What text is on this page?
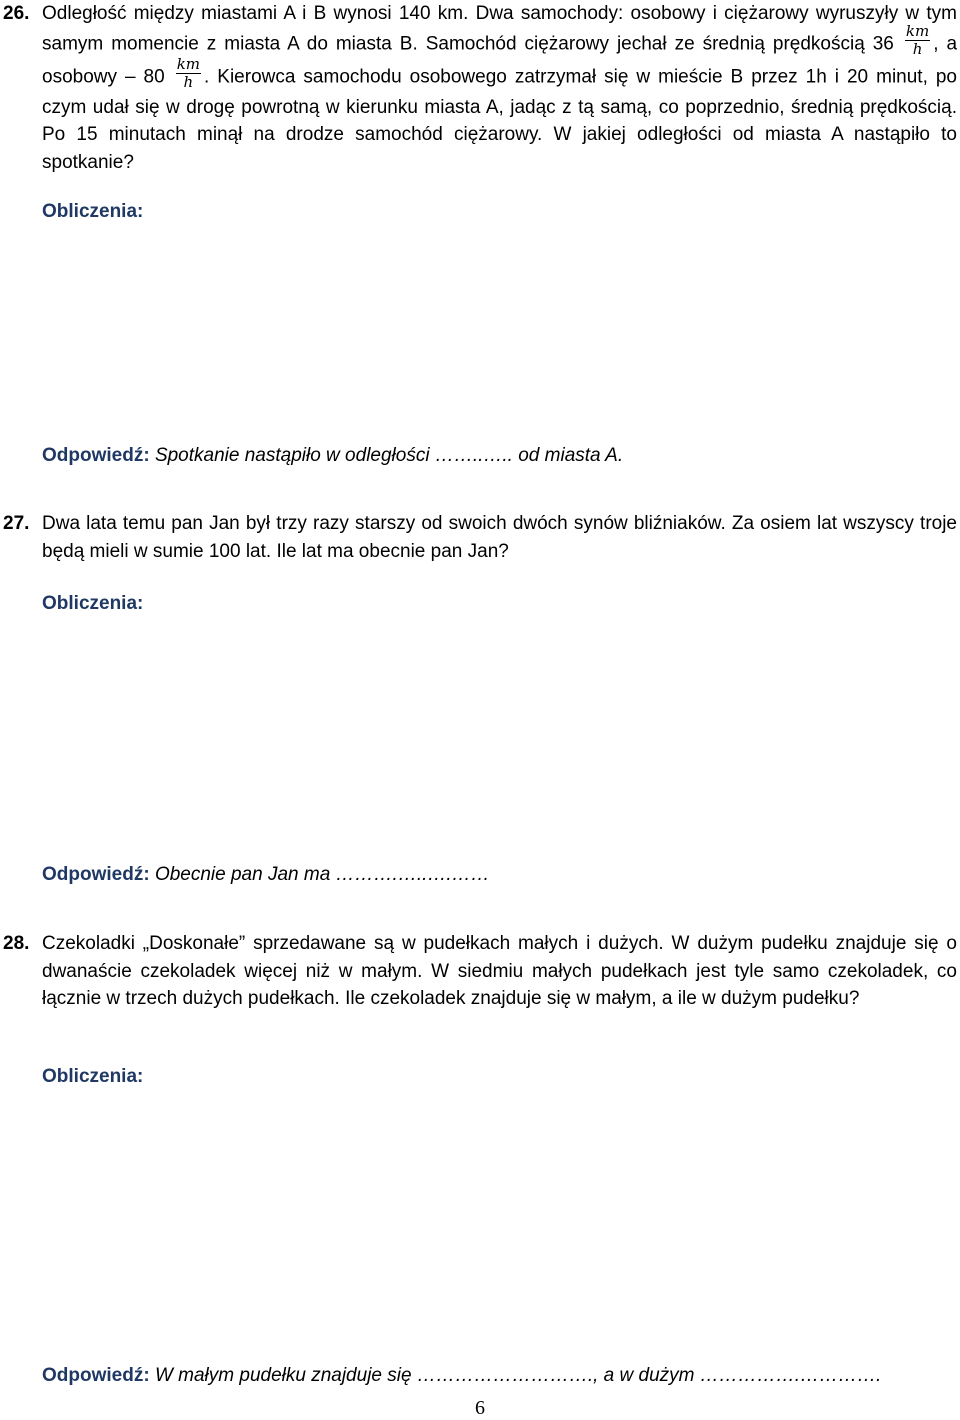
26. Odległość między miastami A i B wynosi 140 km. Dwa samochody: osobowy i ciężarowy wyruszyły w tym samym momencie z miasta A do miasta B. Samochód ciężarowy jechał ze średnią prędkością $36 \frac{km}{h}$ , a osobowy – $80 \frac{km}{h}$ . Kierowca samochodu osobowego zatrzymał się w mieście B przez 1h i 20 minut, po czym udał się w drogę powrotną w kierunku miasta A, jadąc z tą samą, co poprzednio, średnią prędkością. Po 15 minutach minął na drodze samochód ciężarowy. W jakiej odległości od miasta A nastąpiło to spotkanie?
Obliczenia:
Odpowiedź: Spotkanie nastąpiło w odległości ……..….. od miasta A.
27. Dwa lata temu pan Jan był trzy razy starszy od swoich dwóch synów bliźniaków. Za osiem lat wszyscy troje będą mieli w sumie 100 lat. Ile lat ma obecnie pan Jan?
Obliczenia:
Odpowiedź: Obecnie pan Jan ma ……….…..….……
28. Czekoladki „Doskonałe” sprzedawane są w pudełkach małych i dużych. W dużym pudełku znajduje się o dwanaście czekoladek więcej niż w małym. W siedmiu małych pudełkach jest tyle samo czekoladek, co łącznie w trzech dużych pudełkach. Ile czekoladek znajduje się w małym, a ile w dużym pudełku?
Obliczenia:
Odpowiedź: W małym pudełku znajduje się ………………………., a w dużym …………….………….
6
